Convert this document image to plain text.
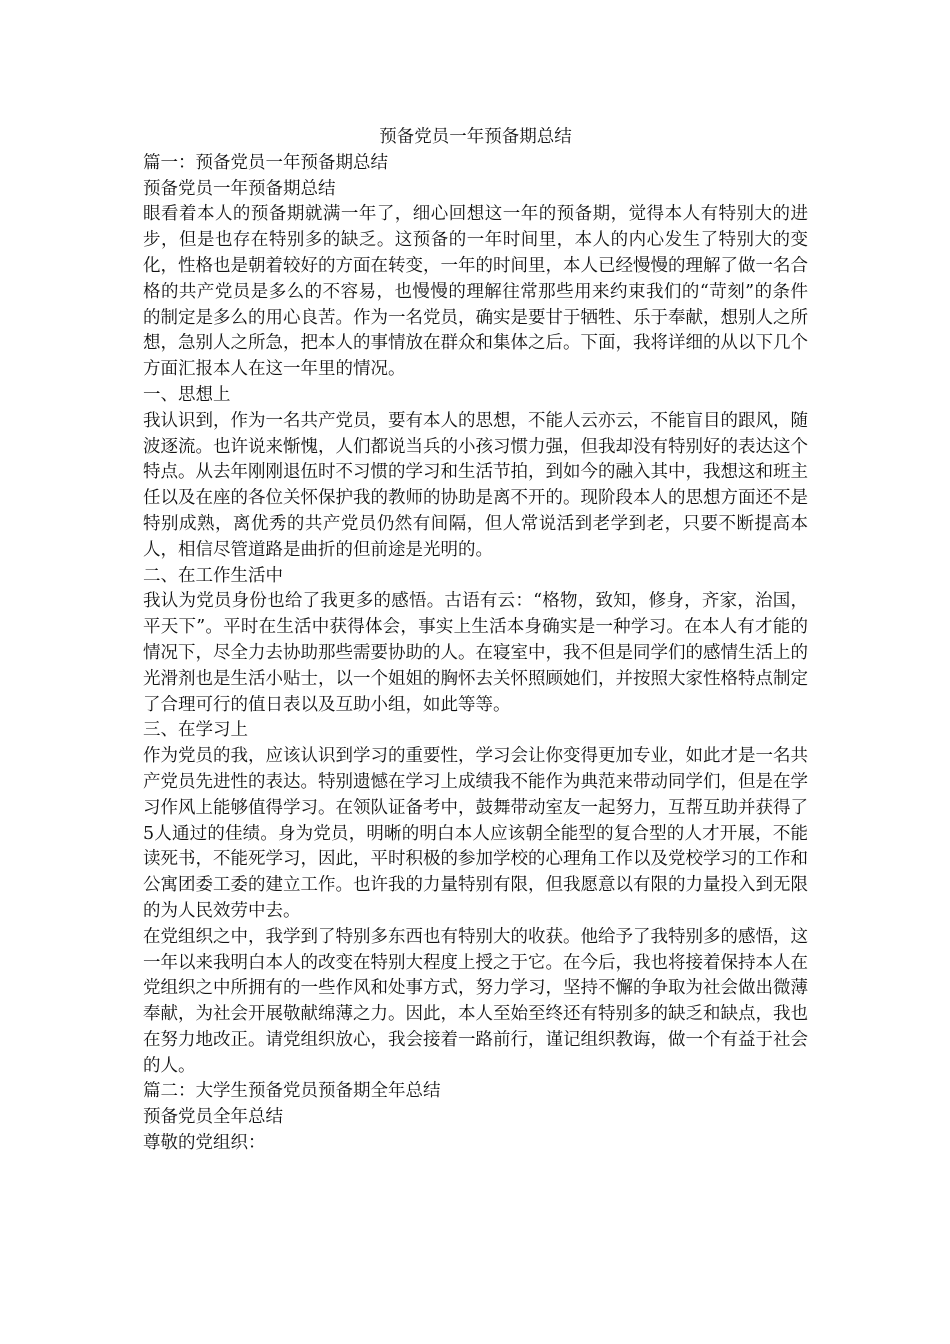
预备党员一年预备期总结

篇一：预备党员一年预备期总结

预备党员一年预备期总结

眼看着本人的预备期就满一年了，细心回想这一年的预备期，觉得本人有特别大的进步，但是也存在特别多的缺乏。这预备的一年时间里，本人的内心发生了特别大的变化，性格也是朝着较好的方面在转变，一年的时间里，本人已经慢慢的理解了做一名合格的共产党员是多么的不容易，也慢慢的理解往常那些用来约束我们的“苛刻”的条件的制定是多么的用心良苦。作为一名党员，确实是要甘于牺牲、乐于奉献，想别人之所想，急别人之所急，把本人的事情放在群众和集体之后。下面，我将详细的从以下几个方面汇报本人在这一年里的情况。

一、思想上

我认识到，作为一名共产党员，要有本人的思想，不能人云亦云，不能盲目的跟风，随波逐流。也许说来惭愧，人们都说当兵的小孩习惯力强，但我却没有特别好的表达这个特点。从去年刚刚退伍时不习惯的学习和生活节拍，到如今的融入其中，我想这和班主任以及在座的各位关怀保护我的教师的协助是离不开的。现阶段本人的思想方面还不是特别成熟，离优秀的共产党员仍然有间隔，但人常说活到老学到老，只要不断提高本人，相信尽管道路是曲折的但前途是光明的。

二、在工作生活中

我认为党员身份也给了我更多的感悟。古语有云：“格物，致知，修身，齐家，治国，平天下”。平时在生活中获得体会，事实上生活本身确实是一种学习。在本人有才能的情况下，尽全力去协助那些需要协助的人。在寝室中，我不但是同学们的感情生活上的光滑剂也是生活小贴士，以一个姐姐的胸怀去关怀照顾她们，并按照大家性格特点制定了合理可行的值日表以及互助小组，如此等等。

三、在学习上

作为党员的我，应该认识到学习的重要性，学习会让你变得更加专业，如此才是一名共产党员先进性的表达。特别遗憾在学习上成绩我不能作为典范来带动同学们，但是在学习作风上能够值得学习。在领队证备考中，鼓舞带动室友一起努力，互帮互助并获得了5人通过的佳绩。身为党员，明晰的明白本人应该朝全能型的复合型的人才开展，不能读死书，不能死学习，因此，平时积极的参加学校的心理角工作以及党校学习的工作和公寓团委工委的建立工作。也许我的力量特别有限，但我愿意以有限的力量投入到无限的为人民效劳中去。

在党组织之中，我学到了特别多东西也有特别大的收获。他给予了我特别多的感悟，这一年以来我明白本人的改变在特别大程度上授之于它。在今后，我也将接着保持本人在党组织之中所拥有的一些作风和处事方式，努力学习，坚持不懈的争取为社会做出微薄奉献，为社会开展敬献绵薄之力。因此，本人至始至终还有特别多的缺乏和缺点，我也在努力地改正。请党组织放心，我会接着一路前行，谨记组织教诲，做一个有益于社会的人。

篇二：大学生预备党员预备期全年总结

预备党员全年总结

尊敬的党组织：
